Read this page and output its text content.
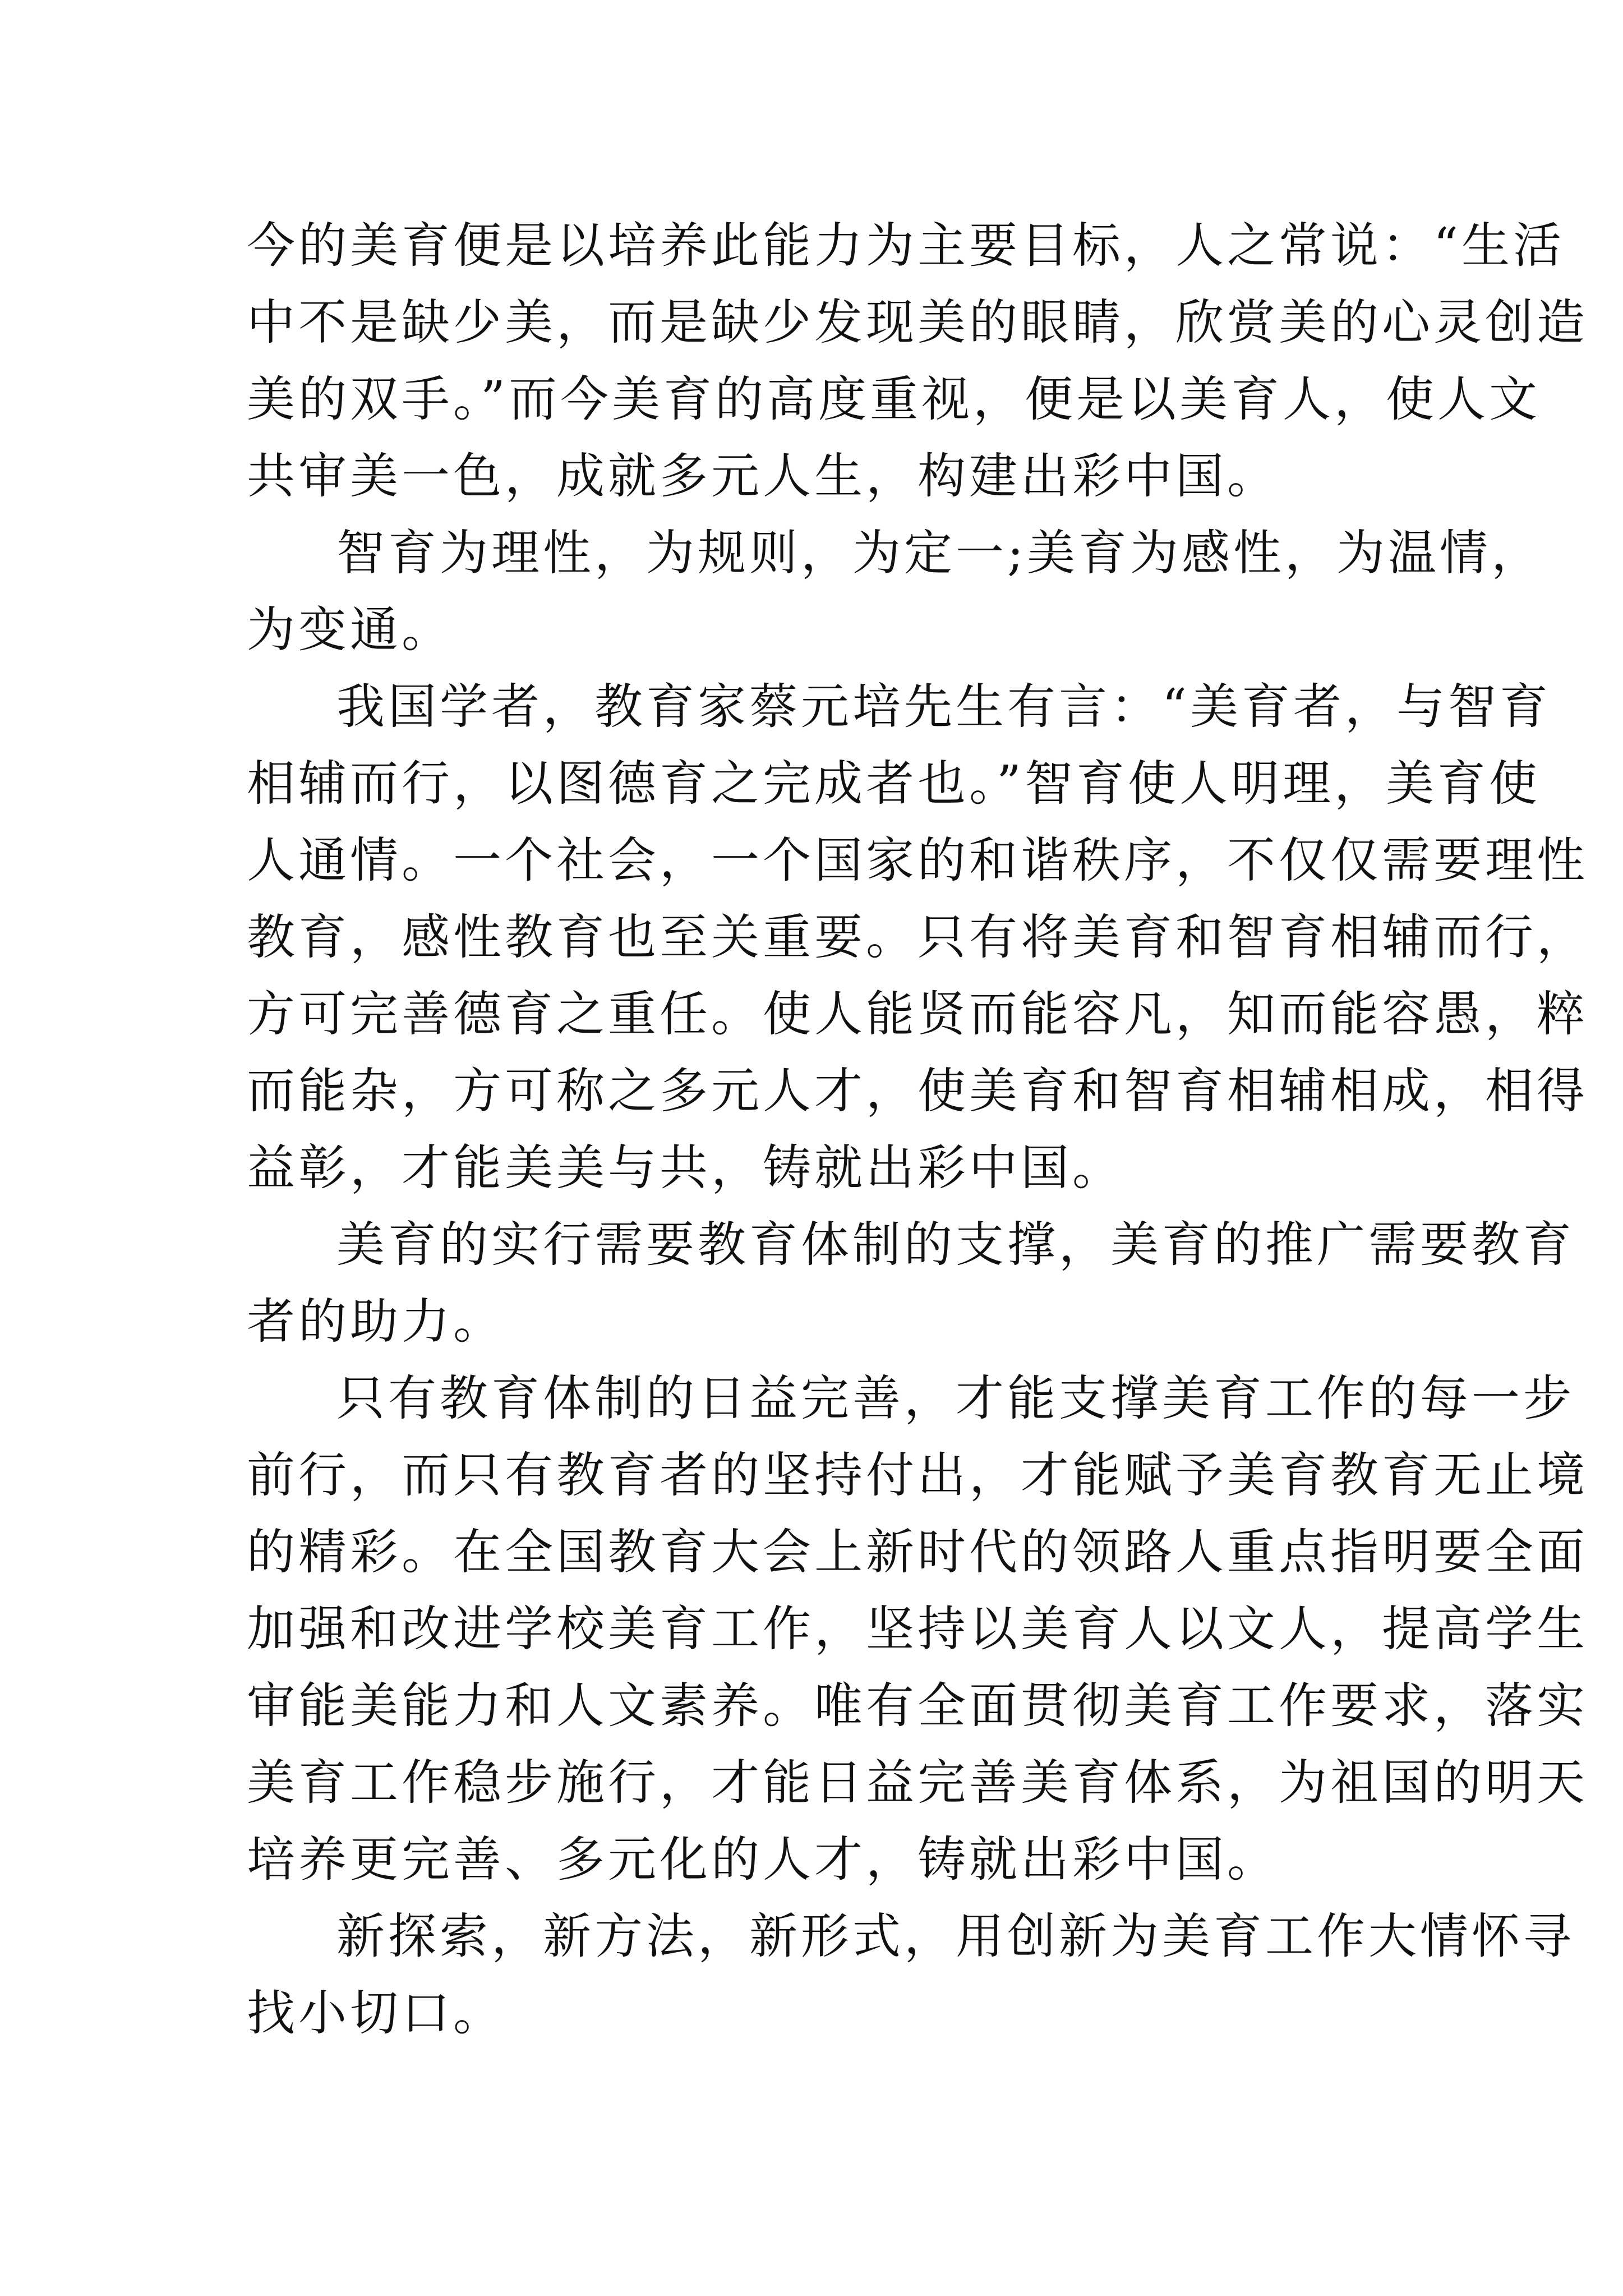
今的美育便是以培养此能力为主要目标，人之常说：“生活
中不是缺少美，而是缺少发现美的眼睛，欣赏美的心灵创造
美的双手。”而今美育的高度重视，便是以美育人，使人文
共审美一色，成就多元人生，构建出彩中国。
智育为理性，为规则，为定一;美育为感性，为温情，
为变通。
我国学者，教育家蔡元培先生有言：“美育者，与智育
相辅而行，以图德育之完成者也。”智育使人明理，美育使
人通情。一个社会，一个国家的和谐秩序，不仅仅需要理性
教育，感性教育也至关重要。只有将美育和智育相辅而行，
方可完善德育之重任。使人能贤而能容凡，知而能容愚，粹
而能杂，方可称之多元人才，使美育和智育相辅相成，相得
益彰，才能美美与共，铸就出彩中国。
美育的实行需要教育体制的支撑，美育的推广需要教育
者的助力。
只有教育体制的日益完善，才能支撑美育工作的每一步
前行，而只有教育者的坚持付出，才能赋予美育教育无止境
的精彩。在全国教育大会上新时代的领路人重点指明要全面
加强和改进学校美育工作，坚持以美育人以文人，提高学生
审能美能力和人文素养。唯有全面贯彻美育工作要求，落实
美育工作稳步施行，才能日益完善美育体系，为祖国的明天
培养更完善、多元化的人才，铸就出彩中国。
新探索，新方法，新形式，用创新为美育工作大情怀寻
找小切口。
